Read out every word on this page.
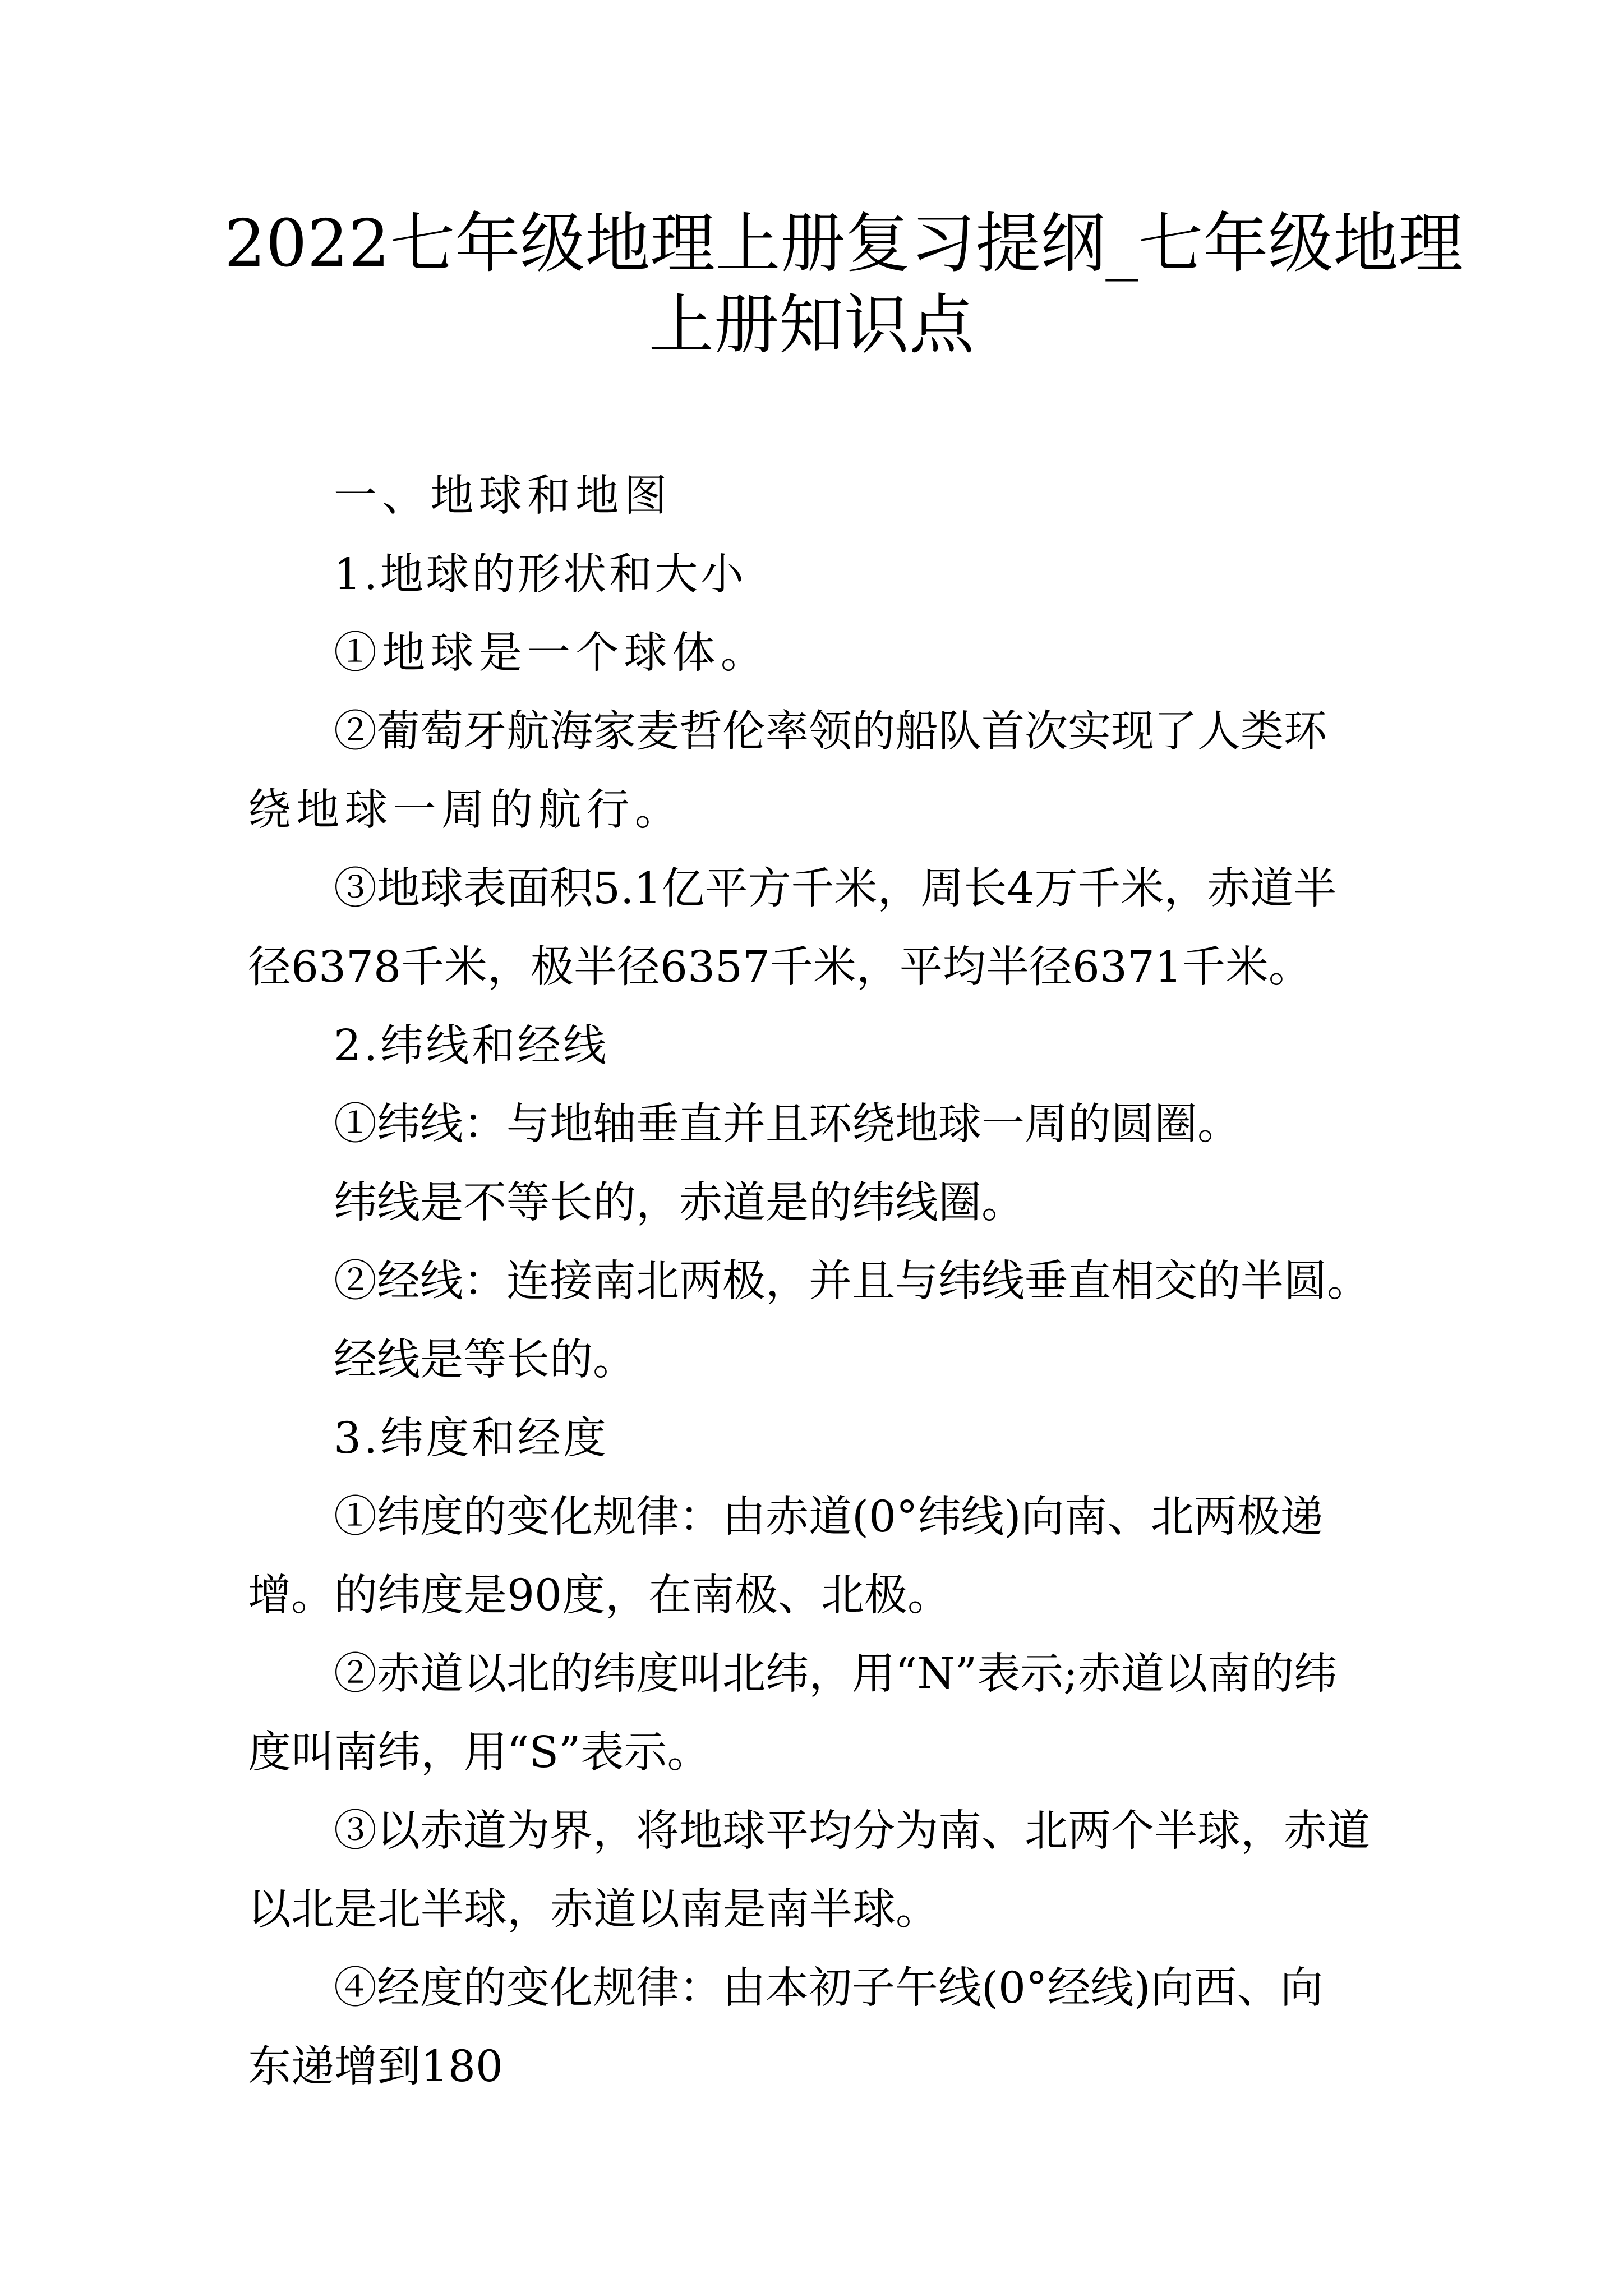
2022七年级地理上册复习提纲_七年级地理
上册知识点

一、地球和地图

1.地球的形状和大小

①地球是一个球体。

②葡萄牙航海家麦哲伦率领的船队首次实现了人类环

绕地球一周的航行。

③地球表面积5.1亿平方千米，周长4万千米，赤道半

径6378千米，极半径6357千米，平均半径6371千米。

2.纬线和经线

①纬线：与地轴垂直并且环绕地球一周的圆圈。

纬线是不等长的，赤道是的纬线圈。

②经线：连接南北两极，并且与纬线垂直相交的半圆。

经线是等长的。

3.纬度和经度

①纬度的变化规律：由赤道(0°纬线)向南、北两极递

增。的纬度是90度，在南极、北极。

②赤道以北的纬度叫北纬，用“N”表示;赤道以南的纬

度叫南纬，用“S”表示。

③以赤道为界，将地球平均分为南、北两个半球，赤道

以北是北半球，赤道以南是南半球。

④经度的变化规律：由本初子午线(0°经线)向西、向

东递增到180
